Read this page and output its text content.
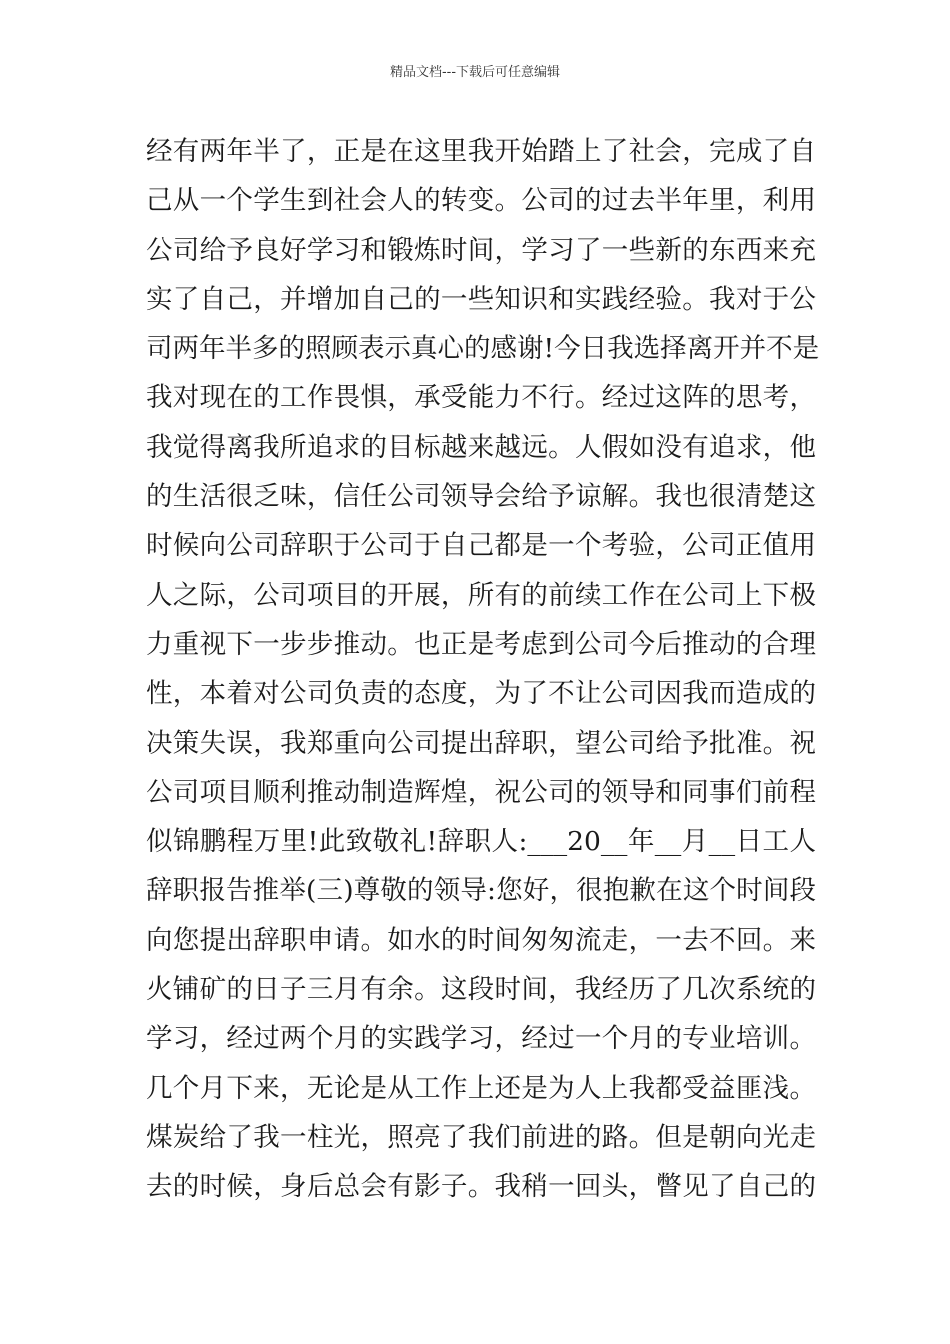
精品文档---下载后可任意编辑
经有两年半了，正是在这里我开始踏上了社会，完成了自
己从一个学生到社会人的转变。公司的过去半年里，利用
公司给予良好学习和锻炼时间，学习了一些新的东西来充
实了自己，并增加自己的一些知识和实践经验。我对于公
司两年半多的照顾表示真心的感谢!今日我选择离开并不是
我对现在的工作畏惧，承受能力不行。经过这阵的思考，
我觉得离我所追求的目标越来越远。人假如没有追求，他
的生活很乏味，信任公司领导会给予谅解。我也很清楚这
时候向公司辞职于公司于自己都是一个考验，公司正值用
人之际，公司项目的开展，所有的前续工作在公司上下极
力重视下一步步推动。也正是考虑到公司今后推动的合理
性，本着对公司负责的态度，为了不让公司因我而造成的
决策失误，我郑重向公司提出辞职，望公司给予批准。祝
公司项目顺利推动制造辉煌，祝公司的领导和同事们前程
似锦鹏程万里!此致敬礼!辞职人:___20__年__月__日工人
辞职报告推举(三)尊敬的领导:您好，很抱歉在这个时间段
向您提出辞职申请。如水的时间匆匆流走，一去不回。来
火铺矿的日子三月有余。这段时间，我经历了几次系统的
学习，经过两个月的实践学习，经过一个月的专业培训。
几个月下来，无论是从工作上还是为人上我都受益匪浅。
煤炭给了我一柱光，照亮了我们前进的路。但是朝向光走
去的时候，身后总会有影子。我稍一回头，瞥见了自己的
